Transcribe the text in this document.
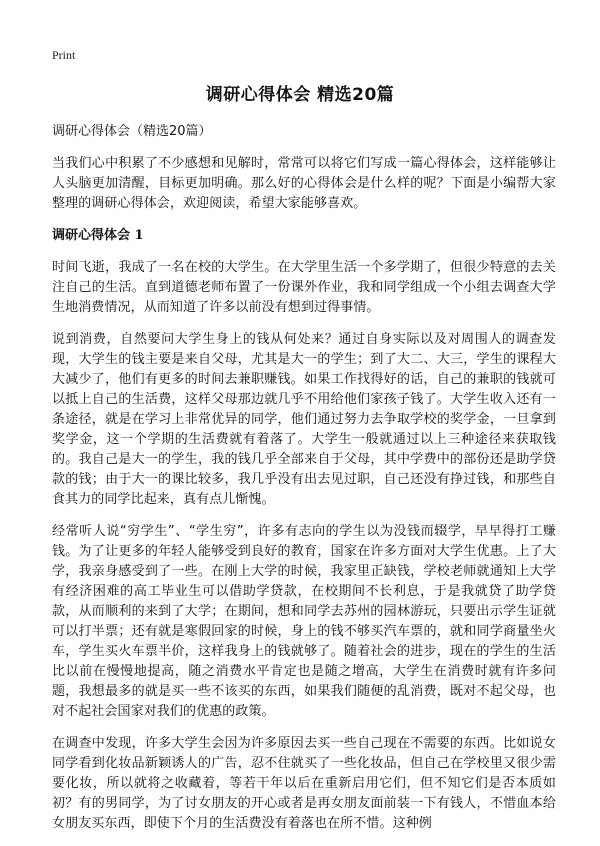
Print
调研心得体会 精选20篇
调研心得体会（精选20篇）

当我们心中积累了不少感想和见解时，常常可以将它们写成一篇心得体会，这样能够让人头脑更加清醒，目标更加明确。那么好的心得体会是什么样的呢？下面是小编帮大家整理的调研心得体会，欢迎阅读，希望大家能够喜欢。

调研心得体会 1

时间飞逝，我成了一名在校的大学生。在大学里生活一个多学期了，但很少特意的去关注自己的生活。直到道德老师布置了一份课外作业，我和同学组成一个小组去调查大学生地消费情况，从而知道了许多以前没有想到过得事情。

说到消费，自然要问大学生身上的钱从何处来？通过自身实际以及对周围人的调查发现，大学生的钱主要是来自父母，尤其是大一的学生；到了大二、大三，学生的课程大大减少了，他们有更多的时间去兼职赚钱。如果工作找得好的话，自己的兼职的钱就可以抵上自己的生活费，这样父母那边就几乎不用给他们家孩子钱了。大学生收入还有一条途径，就是在学习上非常优异的同学，他们通过努力去争取学校的奖学金，一旦拿到奖学金，这一个学期的生活费就有着落了。大学生一般就通过以上三种途径来获取钱的。我自己是大一的学生，我的钱几乎全部来自于父母，其中学费中的部份还是助学贷款的钱；由于大一的课比较多，我几乎没有出去见过职，自己还没有挣过钱，和那些自食其力的同学比起来，真有点儿惭愧。

经常听人说“穷学生”、“学生穷”，许多有志向的学生以为没钱而辍学，早早得打工赚钱。为了让更多的年轻人能够受到良好的教育，国家在许多方面对大学生优惠。上了大学，我亲身感受到了一些。在刚上大学的时候，我家里正缺钱，学校老师就通知上大学有经济困难的高工毕业生可以借助学贷款，在校期间不长利息，于是我就贷了助学贷款，从而顺利的来到了大学；在期间，想和同学去苏州的园林游玩，只要出示学生证就可以打半票；还有就是寒假回家的时候，身上的钱不够买汽车票的，就和同学商量坐火车，学生买火车票半价，这样我身上的钱就够了。随着社会的进步，现在的学生的生活比以前在慢慢地提高，随之消费水平肯定也是随之增高，大学生在消费时就有许多问题，我想最多的就是买一些不该买的东西，如果我们随便的乱消费，既对不起父母，也对不起社会国家对我们的优惠的政策。

在调查中发现，许多大学生会因为许多原因去买一些自己现在不需要的东西。比如说女同学看到化妆品新颖诱人的广告，忍不住就买了一些化妆品，但自己在学校里又很少需要化妆，所以就将之收藏着，等若干年以后在重新启用它们，但不知它们是否本质如初？有的男同学，为了讨女朋友的开心或者是再女朋友面前装一下有钱人，不惜血本给女朋友买东西，即使下个月的生活费没有着落也在所不惜。这种例
